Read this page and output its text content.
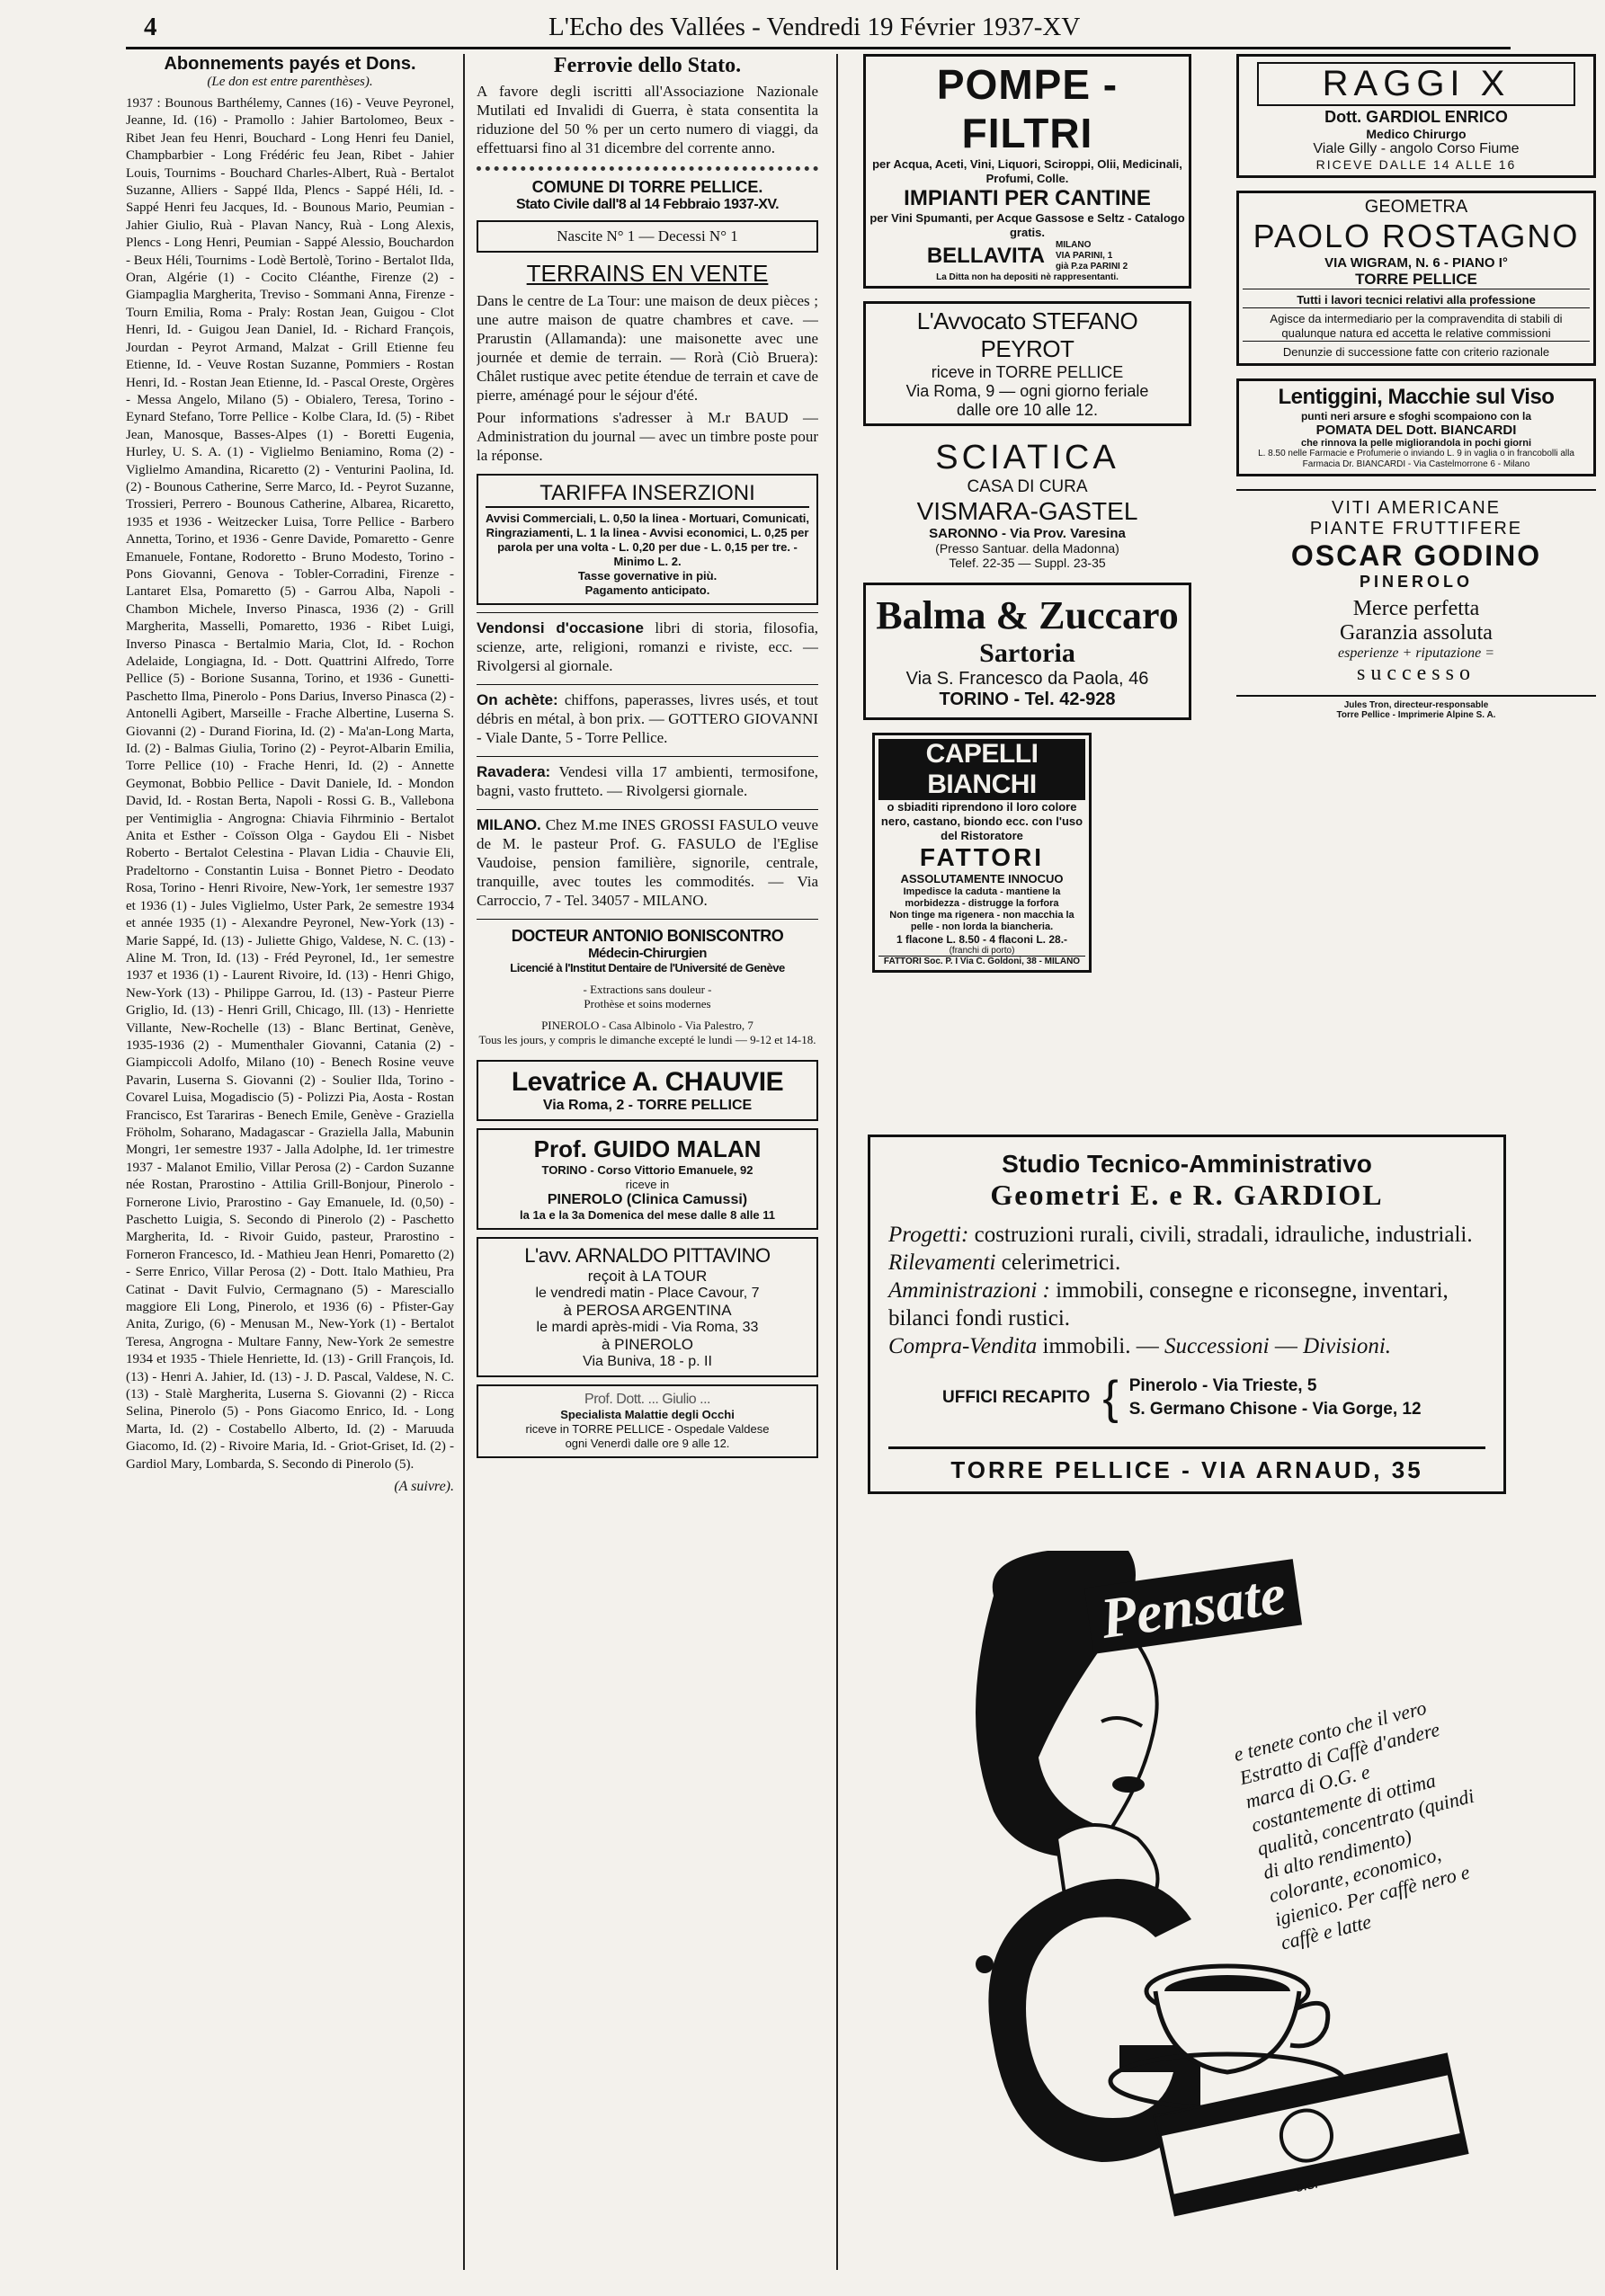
4	L'Echo des Vallées - Vendredi 19 Février 1937-XV
Abonnements payés et Dons.
(Le don est entre parenthèses).

1937 : Bounous Barthélemy, Cannes (16) - Veuve Peyronel, Jeanne, Id. (16) - Pramollo : Jahier Bartolomeo, Beux - Ribet Jean feu Henri, Bouchard - Long Henri feu Daniel, Champbarbier - Long Frédéric feu Jean, Ribet - Jahier Louis, Tournims - Bouchard Charles-Albert, Ruà - Bertalot Suzanne, Alliers - Sappé Ilda, Plencs - Sappé Héli, Id. - Sappé Henri feu Jacques, Id. - Bounous Mario, Peumian - Jahier Giulio, Ruà - Plavan Nancy, Ruà - Long Alexis, Plencs - Long Henri, Peumian - Sappé Alessio, Bouchardon - Beux Héli, Tournims - Lodè Bertolè, Torino - Bertalot Ilda, Oran, Algérie (1) - Cocito Cléanthe, Firenze (2) - Giampaglia Margherita, Treviso - Sommani Anna, Firenze - Tourn Emilia, Roma - Praly: Rostan Jean, Guigou - Clot Henri, Id. - Guigou Jean Daniel, Id. - Richard François, Jourdan - Peyrot Armand, Malzat - Grill Etienne feu Etienne, Id. - Veuve Rostan Suzanne, Pommiers - Rostan Henri, Id. - Rostan Jean Etienne, Id. - Pascal Oreste, Orgères - Messa Angelo, Milano (5) - Obialero, Teresa, Torino - Eynard Stefano, Torre Pellice - Kolbe Clara, Id. (5) - Ribet Jean, Manosque, Basses-Alpes (1) - Boretti Eugenia, Hurley, U. S. A. (1) - Viglielmo Beniamino, Roma (2) - Viglielmo Amandina, Ricaretto (2) - Venturini Paolina, Id. (2) - Bounous Catherine, Serre Marco, Id. - Peyrot Suzanne, Trossieri, Perrero - Bounous Catherine, Albarea, Ricaretto, 1935 et 1936 - Weitzecker Luisa, Torre Pellice - Barbero Annetta, Torino, et 1936 - Genre Davide, Pomaretto - Genre Emanuele, Fontane, Rodoretto - Bruno Modesto, Torino - Pons Giovanni, Genova - Tobler-Corradini, Firenze - Lantaret Elsa, Pomaretto (5) - Garrou Alba, Napoli - Chambon Michele, Inverso Pinasca, 1936 (2) - Grill Margherita, Masselli, Pomaretto, 1936 - Ribet Luigi, Inverso Pinasca - Bertalmio Maria, Clot, Id. - Rochon Adelaide, Longiagna, Id. - Dott. Quattrini Alfredo, Torre Pellice (5) - Borione Susanna, Torino, et 1936 - Gunetti-Paschetto Ilma, Pinerolo - Pons Darius, Inverso Pinasca (2) - Antonelli Agibert, Marseille - Frache Albertine, Luserna S. Giovanni (2) - Durand Fiorina, Id. (2) - Ma'an-Long Marta, Id. (2) - Balmas Giulia, Torino (2) - Peyrot-Albarin Emilia, Torre Pellice (10) - Frache Henri, Id. (2) - Annette Geymonat, Bobbio Pellice - Davit Daniele, Id. - Mondon David, Id. - Rostan Berta, Napoli - Rossi G. B., Vallebona per Ventimiglia - Angrogna: Chiavia Fihrminio - Bertalot Anita et Esther - Coïsson Olga - Gaydou Eli - Nisbet Roberto - Bertalot Celestina - Plavan Lidia - Chauvie Eli, Pradeltorno - Constantin Luisa - Bonnet Pietro - Deodato Rosa, Torino - Henri Rivoire, New-York, 1er semestre 1937 et 1936 (1) - Jules Viglielmo, Uster Park, 2e semestre 1934 et année 1935 (1) - Alexandre Peyronel, New-York (13) - Marie Sappé, Id. (13) - Juliette Ghigo, Valdese, N. C. (13) - Aline M. Tron, Id. (13) - Fréd Peyronel, Id., 1er semestre 1937 et 1936 (1) - Laurent Rivoire, Id. (13) - Henri Ghigo, New-York (13) - Philippe Garrou, Id. (13) - Pasteur Pierre Griglio, Id. (13) - Henri Grill, Chicago, Ill. (13) - Henriette Villante, New-Rochelle (13) - Blanc Bertinat, Genève, 1935-1936 (2) - Mumenthaler Giovanni, Catania (2) - Giampiccoli Adolfo, Milano (10) - Benech Rosine veuve Pavarin, Luserna S. Giovanni (2) - Soulier Ilda, Torino - Covarel Luisa, Mogadiscio (5) - Polizzi Pia, Aosta - Rostan Francisco, Est Tarariras - Benech Emile, Genève - Graziella Fröholm, Soharano, Madagascar - Graziella Jalla, Mabunin Mongri, 1er semestre 1937 - Jalla Adolphe, Id. 1er trimestre 1937 - Malanot Emilio, Villar Perosa (2) - Cardon Suzanne née Rostan, Prarostino - Attilia Grill-Bonjour, Pinerolo - Fornerone Livio, Prarostino - Gay Emanuele, Id. (0,50) - Paschetto Luigia, S. Secondo di Pinerolo (2) - Paschetto Margherita, Id. - Rivoir Guido, pasteur, Prarostino - Forneron Francesco, Id. - Mathieu Jean Henri, Pomaretto (2) - Serre Enrico, Villar Perosa (2) - Dott. Italo Mathieu, Pra Catinat - Davit Fulvio, Cermagnano (5) - Maresciallo maggiore Eli Long, Pinerolo, et 1936 (6) - Pfister-Gay Anita, Zurigo, (6) - Menusan M., New-York (1) - Bertalot Teresa, Angrogna - Multare Fanny, New-York 2e semestre 1934 et 1935 - Thiele Henriette, Id. (13) - Grill François, Id. (13) - Henri A. Jahier, Id. (13) - J. D. Pascal, Valdese, N. C. (13) - Stalè Margherita, Luserna S. Giovanni (2) - Ricca Selina, Pinerolo (5) - Pons Giacomo Enrico, Id. - Long Marta, Id. (2) - Costabello Alberto, Id. (2) - Maruuda Giacomo, Id. (2) - Rivoire Maria, Id. - Griot-Griset, Id. (2) - Gardiol Mary, Lombarda, S. Secondo di Pinerolo (5).

(A suivre).
Ferrovie dello Stato.
A favore degli iscritti all'Associazione Nazionale Mutilati ed Invalidi di Guerra, è stata consentita la riduzione del 50 % per un certo numero di viaggi, da effettuarsi fino al 31 dicembre del corrente anno.
COMUNE DI TORRE PELLICE.
Stato Civile dall'8 al 14 Febbraio 1937-XV.
Nascite N° 1 — Decessi N° 1
TERRAINS EN VENTE
Dans le centre de La Tour: une maison de deux pièces ; une autre maison de quatre chambres et cave. — Prarustin (Allamanda): une maisonette avec une journée et demie de terrain. — Rorà (Ciò Bruera): Châlet rustique avec petite étendue de terrain et cave de pierre, aménagé pour le séjour d'été.
Pour informations s'adresser à M.r BAUD — Administration du journal — avec un timbre poste pour la réponse.
TARIFFA INSERZIONI
Avvisi Commerciali, L. 0,50 la linea - Mortuari, Comunicati, Ringraziamenti, L. 1 la linea - Avvisi economici, L. 0,25 per parola per una volta - L. 0,20 per due - L. 0,15 per tre. - Minimo L. 2.
Tasse governative in più.
Pagamento anticipato.
Vendonsi d'occasione libri di storia, filosofia, scienze, arte, religioni, romanzi e riviste, ecc. — Rivolgersi al giornale.
On achète: chiffons, paperasses, livres usés, et tout débris en métal, à bon prix. — GOTTERO GIOVANNI - Viale Dante, 5 - Torre Pellice.
Ravadera: Vendesi villa 17 ambienti, termosifone, bagni, vasto frutteto. — Rivolgersi giornale.
MILANO. Chez M.me INES GROSSI FASULO veuve de M. le pasteur Prof. G. FASULO de l'Eglise Vaudoise, pension familière, signorile, centrale, tranquille, avec toutes les commodités. — Via Carroccio, 7 - Tel. 34057 - MILANO.
DOCTEUR ANTONIO BONISCONTRO
Médecin-Chirurgien
Licencié à l'Institut Dentaire de l'Université de Genève
- Extractions sans douleur -
Prothèse et soins modernes
PINEROLO - Casa Albinolo - Via Palestro, 7
Tous les jours, y compris le dimanche excepté le lundi — 9-12 et 14-18.
Levatrice A. CHAUVIE
Via Roma, 2 - TORRE PELLICE
Prof. GUIDO MALAN
TORINO - Corso Vittorio Emanuele, 92
riceve in
PINEROLO (Clinica Camussi)
la 1a e la 3a Domenica del mese dalle 8 alle 11
L'avv. ARNALDO PITTAVINO
reçoit à LA TOUR
le vendredi matin - Place Cavour, 7
à PEROSA ARGENTINA
le mardi après-midi - Via Roma, 33
à PINEROLO
Via Buniva, 18 - p. II
Prof. Dott. ... Giulio ...
Specialista Malattie degli Occhi
riceve in TORRE PELLICE - Ospedale Valdese
ogni Venerdì dalle ore 9 alle 12.
POMPE - FILTRI
per Acqua, Aceti, Vini, Liquori, Sciroppi, Olii, Medicinali, Profumi, Colle.
IMPIANTI PER CANTINE
per Vini Spumanti, per Acque Gassose e Seltz - Catalogo gratis.
BELLAVITA MILANO
VIA PARINI, 1
già P.za PARINI 2
La Ditta non ha depositi nè rappresentanti.
L'Avvocato STEFANO PEYROT
riceve in TORRE PELLICE
Via Roma, 9 — ogni giorno feriale
dalle ore 10 alle 12.
SCIATICA
CASA DI CURA
VISMARA-GASTEL
SARONNO - Via Prov. Varesina
(Presso Santuar. della Madonna)
Telef. 22-35 — Suppl. 23-35
Balma & Zuccaro
Sartoria
Via S. Francesco da Paola, 46
TORINO - Tel. 42-928
CAPELLI BIANCHI
o sbiaditi riprendono il loro colore nero, castano, biondo ecc. con l'uso del Ristoratore
FATTORI
ASSOLUTAMENTE INNOCUO
Impedisce la caduta - mantiene la morbidezza - distrugge la forfora
Non tinge ma rigenera - non macchia la pelle - non lorda la biancheria.
1 flacone L. 8.50 - 4 flaconi L. 28.-
(franchi di porto)
FATTORI Soc. P. I Via C. Goldoni, 38 - MILANO
RAGGI X
Dott. GARDIOL ENRICO
Medico Chirurgo
Viale Gilly - angolo Corso Fiume
RICEVE DALLE 14 ALLE 16
GEOMETRA
PAOLO ROSTAGNO
VIA WIGRAM, N. 6 - PIANO I°
TORRE PELLICE
Tutti i lavori tecnici relativi alla professione
Agisce da intermediario per la compravendita di stabili di qualunque natura ed accetta le relative commissioni
Denunzie di successione fatte con criterio razionale
Lentiggini, Macchie sul Viso
punti neri arsure e sfoghi scompaiono con la
POMATA DEL Dott. BIANCARDI
che rinnova la pelle migliorandola in pochi giorni
L. 8.50 nelle Farmacie e Profumerie o inviando L. 9 in vaglia o in francobolli alla Farmacia Dr. BIANCARDI - Via Castelmorrone 6 - Milano
VITI AMERICANE
PIANTE FRUTTIFERE
OSCAR GODINO
PINEROLO
Merce perfetta
Garanzia assoluta
esperienze + riputazione =
successo
Jules Tron, directeur-responsable
Torre Pellice - Imprimerie Alpine S. A.
Studio Tecnico-Amministrativo
Geometri E. e R. GARDIOL
Progetti: costruzioni rurali, civili, stradali, idrauliche, industriali.
Rilevamenti celerimetrici.
Amministrazioni : immobili, consegne e riconsegne, inventari, bilanci fondi rustici.
Compra-Vendita immobili. — Successioni — Divisioni.
UFFICI RECAPITO { Pinerolo - Via Trieste, 5
S. Germano Chisone - Via Gorge, 12
TORRE PELLICE - VIA ARNAUD, 35
Pensate
e tenete conto che il vero Estratto di Caffè d'andere marca di O.G. e costantemente di ottima qualità, concentrato (quindi di alto rendimento) colorante, economico, igienico. Per caffè nero e caffè e latte
O.G.
